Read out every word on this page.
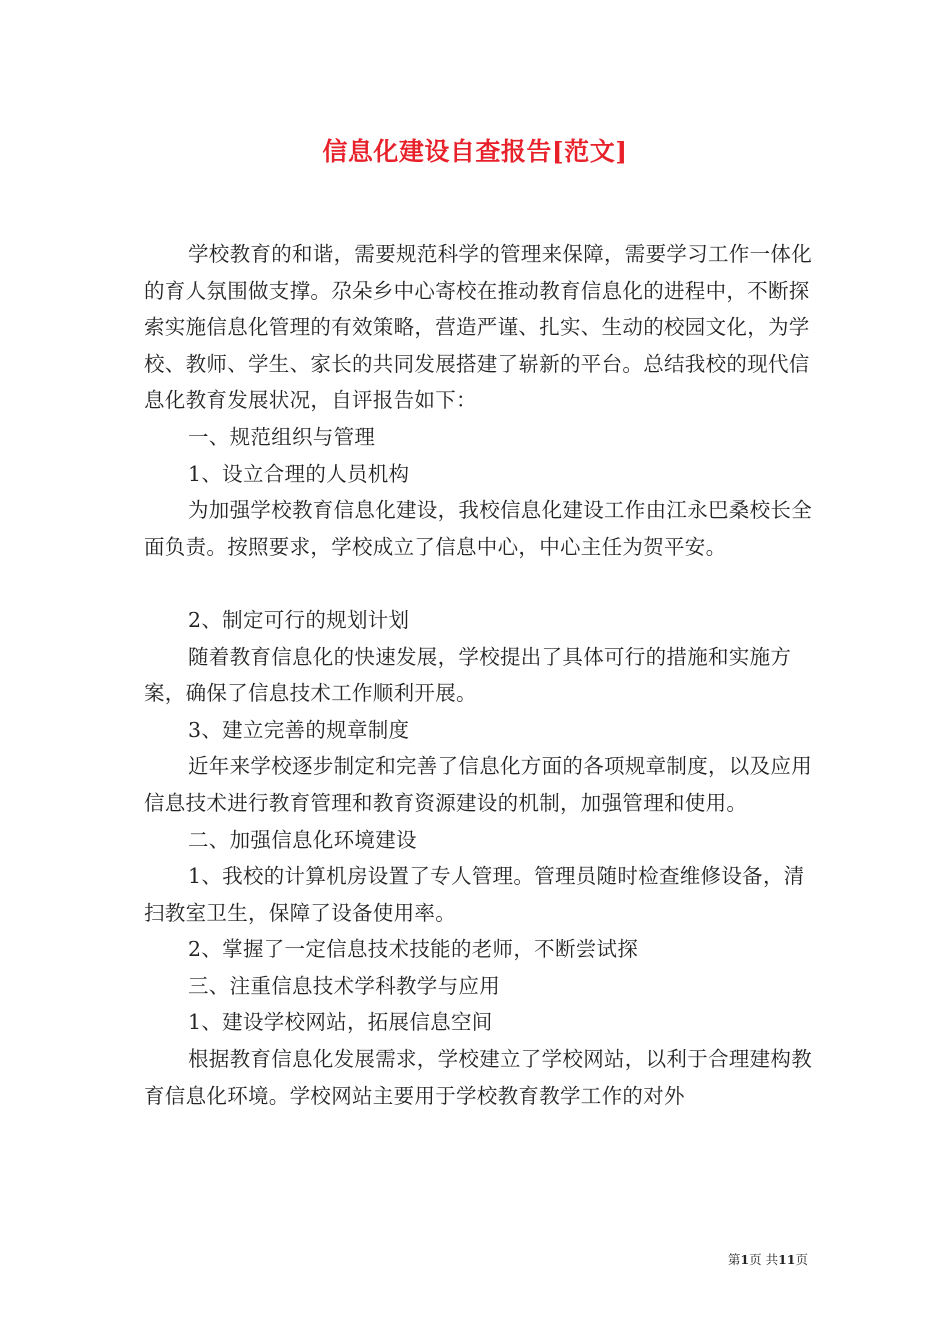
信息化建设自查报告[范文]

学校教育的和谐，需要规范科学的管理来保障，需要学习工作一体化的育人氛围做支撑。尕朵乡中心寄校在推动教育信息化的进程中，不断探索实施信息化管理的有效策略，营造严谨、扎实、生动的校园文化，为学校、教师、学生、家长的共同发展搭建了崭新的平台。总结我校的现代信息化教育发展状况，自评报告如下：

一、规范组织与管理

1、设立合理的人员机构

为加强学校教育信息化建设，我校信息化建设工作由江永巴桑校长全面负责。按照要求，学校成立了信息中心，中心主任为贺平安。

2、制定可行的规划计划

随着教育信息化的快速发展，学校提出了具体可行的措施和实施方案，确保了信息技术工作顺利开展。

3、建立完善的规章制度

近年来学校逐步制定和完善了信息化方面的各项规章制度，以及应用信息技术进行教育管理和教育资源建设的机制，加强管理和使用。

二、加强信息化环境建设

1、我校的计算机房设置了专人管理。管理员随时检查维修设备，清扫教室卫生，保障了设备使用率。

2、掌握了一定信息技术技能的老师，不断尝试探

三、注重信息技术学科教学与应用

1、建设学校网站，拓展信息空间

根据教育信息化发展需求，学校建立了学校网站，以利于合理建构教育信息化环境。学校网站主要用于学校教育教学工作的对外

第1页 共11页
